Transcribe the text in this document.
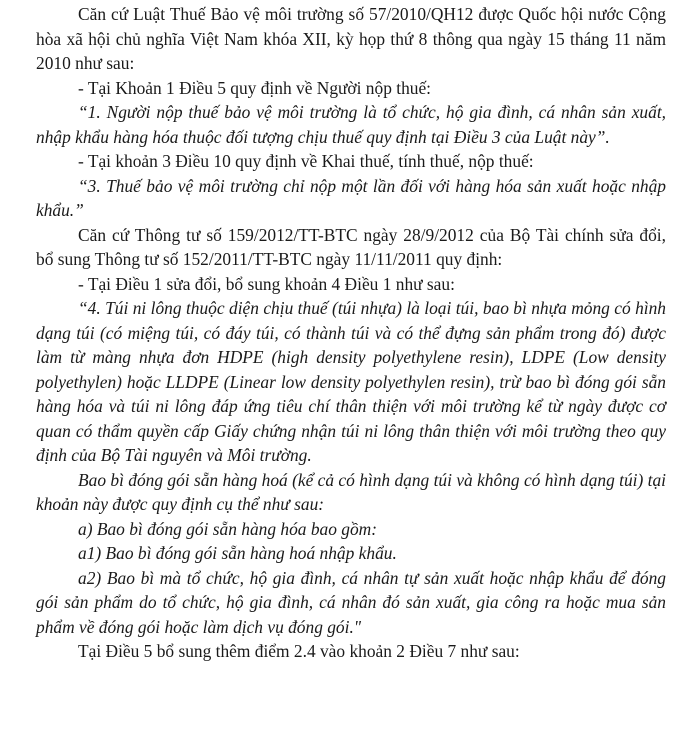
Căn cứ Luật Thuế Bảo vệ môi trường số 57/2010/QH12 được Quốc hội nước Cộng hòa xã hội chủ nghĩa Việt Nam khóa XII, kỳ họp thứ 8 thông qua ngày 15 tháng 11 năm 2010 như sau:

- Tại Khoản 1 Điều 5 quy định về Người nộp thuế:

“1. Người nộp thuế bảo vệ môi trường là tổ chức, hộ gia đình, cá nhân sản xuất, nhập khẩu hàng hóa thuộc đối tượng chịu thuế quy định tại Điều 3 của Luật này”.

- Tại khoản 3 Điều 10 quy định về Khai thuế, tính thuế, nộp thuế:

“3. Thuế bảo vệ môi trường chỉ nộp một lần đối với hàng hóa sản xuất hoặc nhập khẩu.”

Căn cứ Thông tư số 159/2012/TT-BTC ngày 28/9/2012 của Bộ Tài chính sửa đổi, bổ sung Thông tư số 152/2011/TT-BTC ngày 11/11/2011 quy định:

- Tại Điều 1 sửa đổi, bổ sung khoản 4 Điều 1 như sau:

“4. Túi ni lông thuộc diện chịu thuế (túi nhựa) là loại túi, bao bì nhựa mỏng có hình dạng túi (có miệng túi, có đáy túi, có thành túi và có thể đựng sản phẩm trong đó) được làm từ màng nhựa đơn HDPE (high density polyethylene resin), LDPE (Low density polyethylen) hoặc LLDPE (Linear low density polyethylen resin), trừ bao bì đóng gói sẵn hàng hóa và túi ni lông đáp ứng tiêu chí thân thiện với môi trường kể từ ngày được cơ quan có thẩm quyền cấp Giấy chứng nhận túi ni lông thân thiện với môi trường theo quy định của Bộ Tài nguyên và Môi trường.

Bao bì đóng gói sẵn hàng hoá (kể cả có hình dạng túi và không có hình dạng túi) tại khoản này được quy định cụ thể như sau:

a) Bao bì đóng gói sẵn hàng hóa bao gồm:

a1) Bao bì đóng gói sẵn hàng hoá nhập khẩu.

a2) Bao bì mà tổ chức, hộ gia đình, cá nhân tự sản xuất hoặc nhập khẩu để đóng gói sản phẩm do tổ chức, hộ gia đình, cá nhân đó sản xuất, gia công ra hoặc mua sản phẩm về đóng gói hoặc làm dịch vụ đóng gói."

Tại Điều 5 bổ sung thêm điểm 2.4 vào khoản 2 Điều 7 như sau:
